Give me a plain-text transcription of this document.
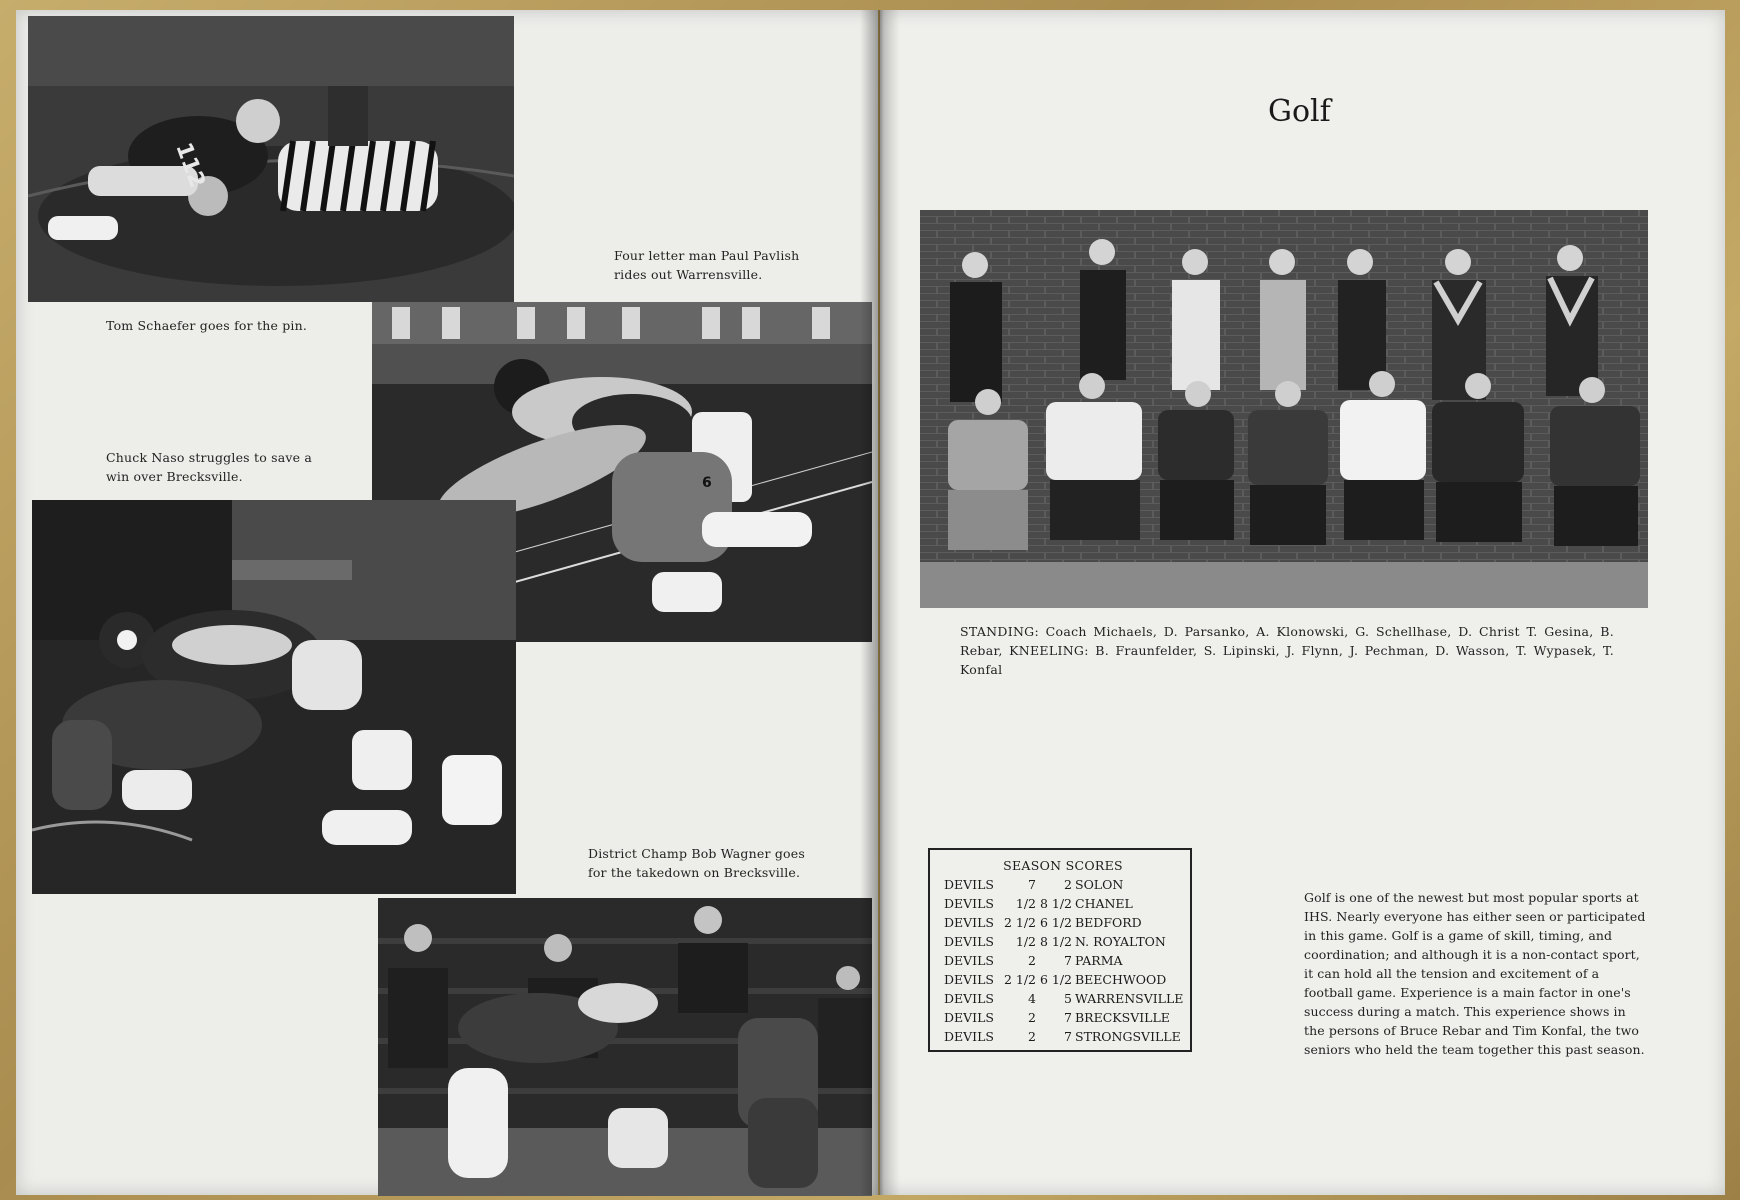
112
Four letter man Paul Pavlish rides out Warrensville.
Tom Schaefer goes for the pin.
6
Chuck Naso struggles to save a win over Brecksville.
District Champ Bob Wagner goes for the takedown on Brecksville.
Golf
STANDING: Coach Michaels, D. Parsanko, A. Klonowski, G. Schellhase, D. Christ T. Gesina, B. Rebar, KNEELING: B. Fraunfelder, S. Lipinski, J. Flynn, J. Pechman, D. Wasson, T. Wypasek, T. Konfal
SEASON SCORES
DEVILS	7	2	SOLON
DEVILS	1/2	8 1/2	CHANEL
DEVILS	2 1/2	6 1/2	BEDFORD
DEVILS	1/2	8 1/2	N. ROYALTON
DEVILS	2	7	PARMA
DEVILS	2 1/2	6 1/2	BEECHWOOD
DEVILS	4	5	WARRENSVILLE
DEVILS	2	7	BRECKSVILLE
DEVILS	2	7	STRONGSVILLE
Golf is one of the newest but most popular sports at IHS. Nearly everyone has either seen or participated in this game. Golf is a game of skill, timing, and coordination; and although it is a non-contact sport, it can hold all the tension and excitement of a football game. Experience is a main factor in one's success during a match. This experience shows in the persons of Bruce Rebar and Tim Konfal, the two seniors who held the team together this past season.
